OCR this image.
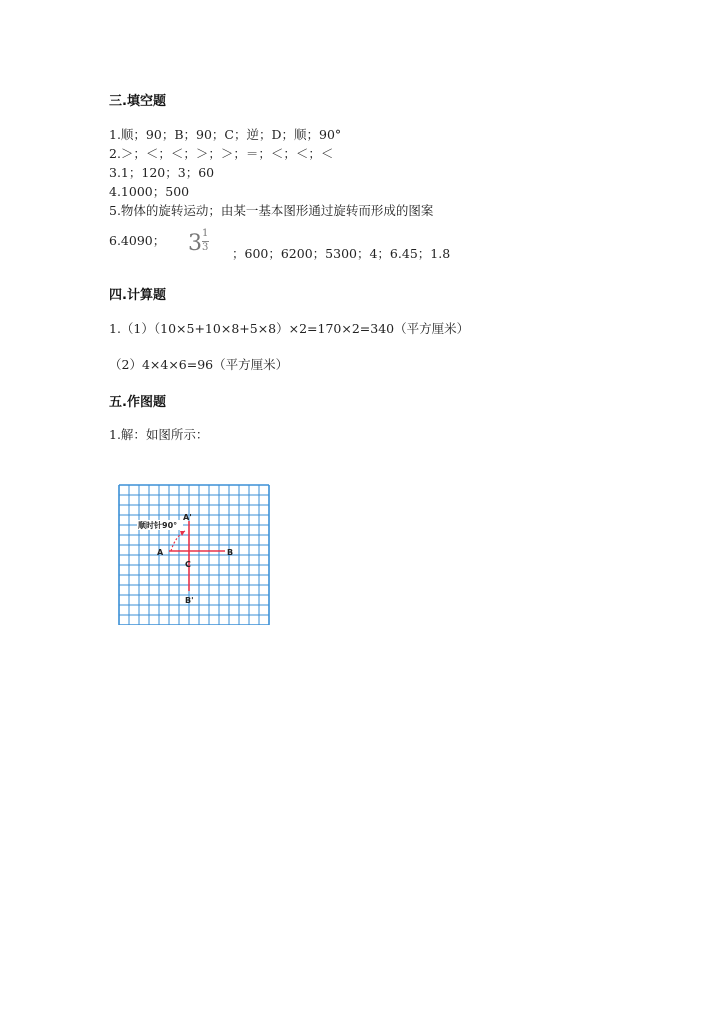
三.填空题

1.顺；90；B；90；C；逆；D；顺；90°

2.＞；＜；＜；＞；＞；＝；＜；＜；＜

3.1；120；3；60

4.1000；500

5.物体的旋转运动；由某一基本图形通过旋转而形成的图案

6.4090； 3 1
3 ；600；6200；5300；4；6.45；1.8

四.计算题

1.（1）（10×5+10×8+5×8）×2=170×2=340（平方厘米）

（2）4×4×6=96（平方厘米）

五.作图题

1.解：如图所示：

顺时针90°
A'
A	B
C
B'
